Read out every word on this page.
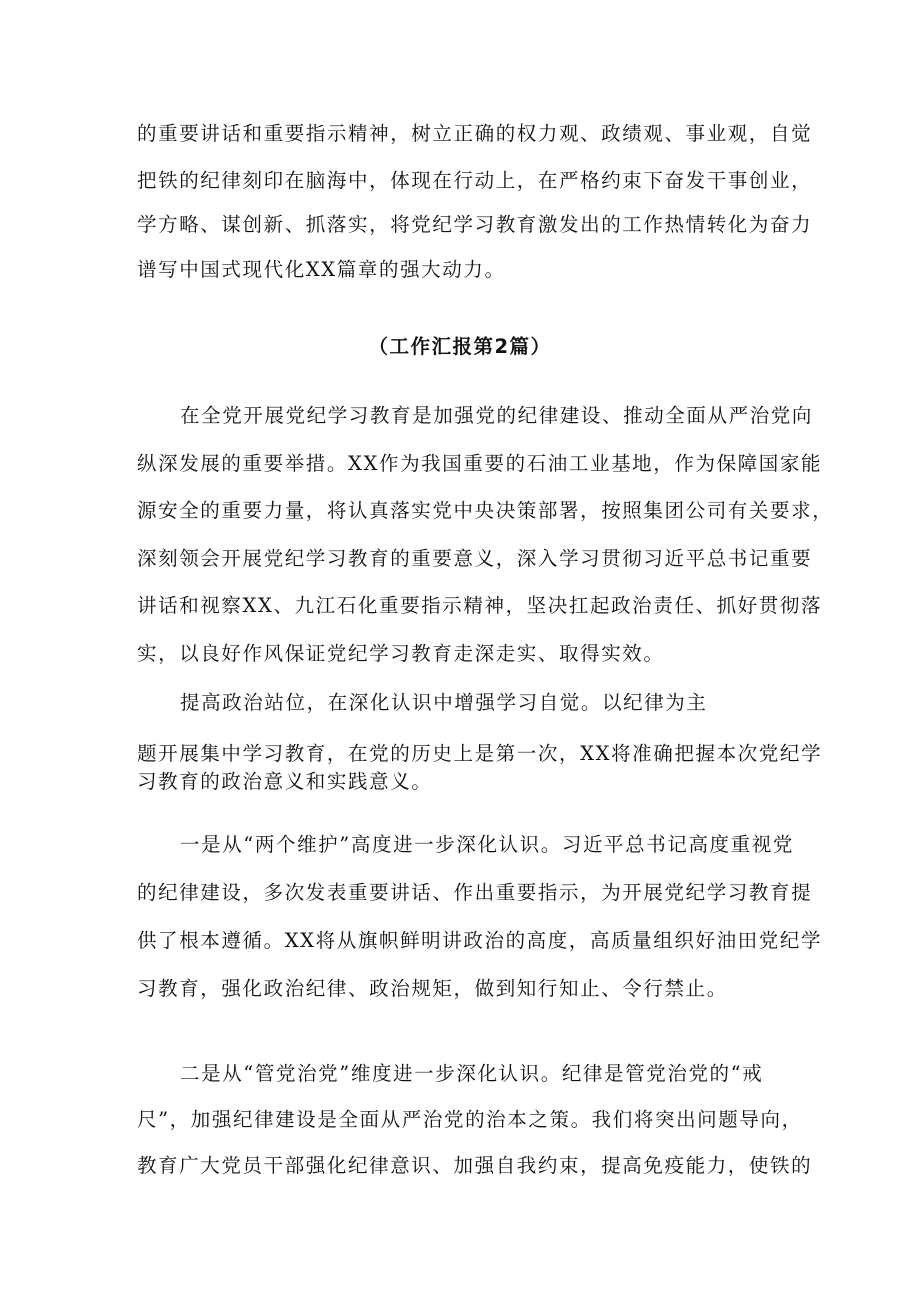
的重要讲话和重要指示精神，树立正确的权力观、政绩观、事业观，自觉
把铁的纪律刻印在脑海中，体现在行动上，在严格约束下奋发干事创业，
学方略、谋创新、抓落实，将党纪学习教育激发出的工作热情转化为奋力
谱写中国式现代化XX篇章的强大动力。
（工作汇报第2篇）
在全党开展党纪学习教育是加强党的纪律建设、推动全面从严治党向
纵深发展的重要举措。XX作为我国重要的石油工业基地，作为保障国家能
源安全的重要力量，将认真落实党中央决策部署，按照集团公司有关要求，
深刻领会开展党纪学习教育的重要意义，深入学习贯彻习近平总书记重要
讲话和视察XX、九江石化重要指示精神，坚决扛起政治责任、抓好贯彻落
实，以良好作风保证党纪学习教育走深走实、取得实效。
提高政治站位，在深化认识中增强学习自觉。以纪律为主
题开展集中学习教育，在党的历史上是第一次，XX将准确把握本次党纪学
习教育的政治意义和实践意义。
一是从“两个维护”高度进一步深化认识。习近平总书记高度重视党
的纪律建设，多次发表重要讲话、作出重要指示，为开展党纪学习教育提
供了根本遵循。XX将从旗帜鲜明讲政治的高度，高质量组织好油田党纪学
习教育，强化政治纪律、政治规矩，做到知行知止、令行禁止。
二是从“管党治党”维度进一步深化认识。纪律是管党治党的“戒
尺”，加强纪律建设是全面从严治党的治本之策。我们将突出问题导向，
教育广大党员干部强化纪律意识、加强自我约束，提高免疫能力，使铁的
